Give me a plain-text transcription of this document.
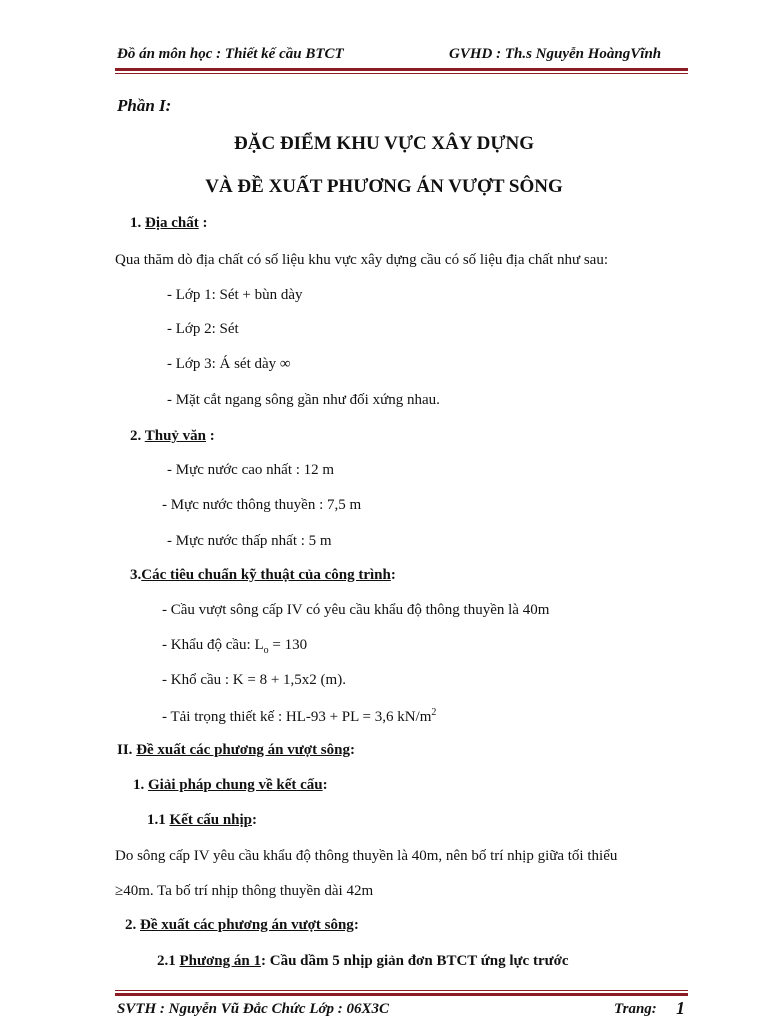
Đồ án môn học : Thiết kế cầu BTCT	GVHD : Th.s Nguyễn HoàngVĩnh
Phần I:
ĐẶC ĐIỂM KHU VỰC XÂY DỰNG
VÀ ĐỀ XUẤT PHƯƠNG ÁN VƯỢT SÔNG
1. Địa chất :
Qua thăm dò địa chất có số liệu khu vực xây dựng cầu có số liệu địa chất như sau:
- Lớp 1: Sét + bùn dày
- Lớp 2: Sét
- Lớp 3: Á sét dày ∞
- Mặt cắt ngang sông gần như đối xứng nhau.
2. Thuỷ văn :
- Mực nước cao nhất : 12 m
- Mực nước thông thuyền : 7,5 m
- Mực nước thấp nhất : 5 m
3.Các tiêu chuẩn kỹ thuật của công trình:
- Cầu vượt sông cấp IV có yêu cầu khẩu độ thông thuyền là 40m
- Khẩu độ cầu: $L_o = 130$
- Khổ cầu : K = 8 + 1,5x2 (m).
- Tải trọng thiết kế : HL-93 + PL = 3,6 $kN/m^2$
II. Đề xuất các phương án vượt sông:
1. Giải pháp chung về kết cấu:
1.1 Kết cấu nhịp:
Do sông cấp IV yêu cầu khẩu độ thông thuyền là 40m, nên bố trí nhịp giữa tối thiểu
≥40m. Ta bố trí nhịp thông thuyền dài 42m
2. Đề xuất các phương án vượt sông:
2.1 Phương án 1: Cầu dầm 5 nhịp giản đơn BTCT ứng lực trước
SVTH : Nguyễn Vũ Đắc Chức Lớp : 06X3C	Trang: 1
